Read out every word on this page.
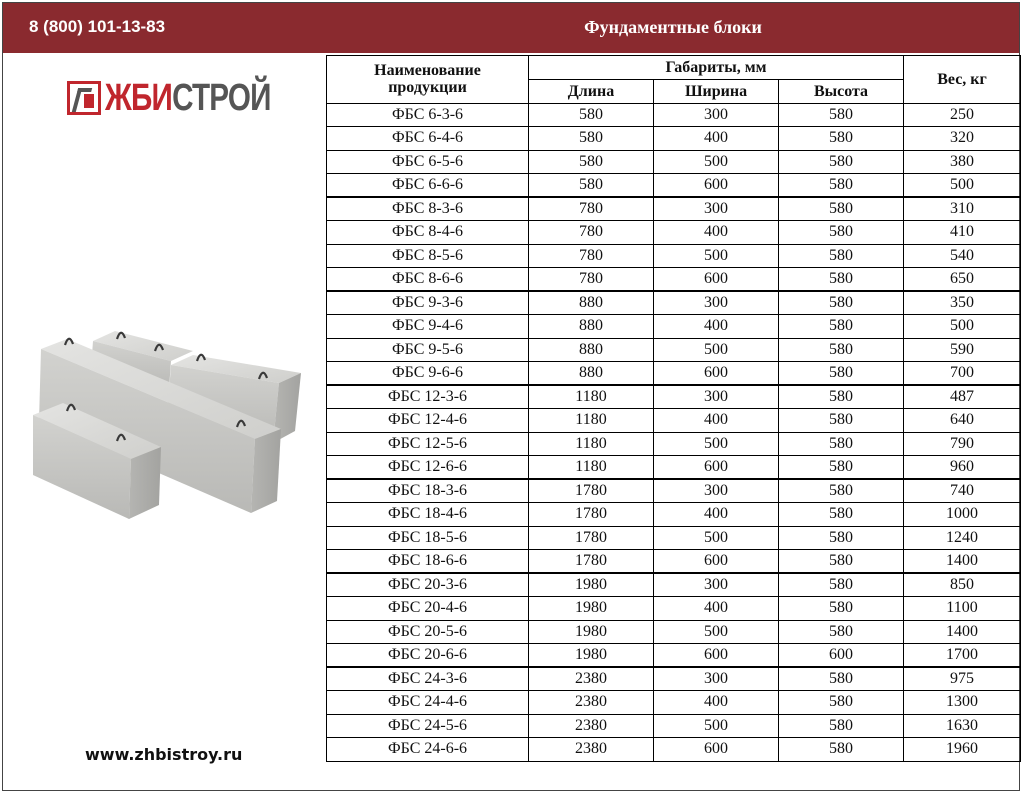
8 (800) 101-13-83	Фундаментные блоки
ЖБИСТРОЙ
www.zhbistroy.ru
Наименование
продукции	Габариты, мм			Вес, кг
	Длина	Ширина	Высота	
ФБС 6-3-6	580	300	580	250
ФБС 6-4-6	580	400	580	320
ФБС 6-5-6	580	500	580	380
ФБС 6-6-6	580	600	580	500
ФБС 8-3-6	780	300	580	310
ФБС 8-4-6	780	400	580	410
ФБС 8-5-6	780	500	580	540
ФБС 8-6-6	780	600	580	650
ФБС 9-3-6	880	300	580	350
ФБС 9-4-6	880	400	580	500
ФБС 9-5-6	880	500	580	590
ФБС 9-6-6	880	600	580	700
ФБС 12-3-6	1180	300	580	487
ФБС 12-4-6	1180	400	580	640
ФБС 12-5-6	1180	500	580	790
ФБС 12-6-6	1180	600	580	960
ФБС 18-3-6	1780	300	580	740
ФБС 18-4-6	1780	400	580	1000
ФБС 18-5-6	1780	500	580	1240
ФБС 18-6-6	1780	600	580	1400
ФБС 20-3-6	1980	300	580	850
ФБС 20-4-6	1980	400	580	1100
ФБС 20-5-6	1980	500	580	1400
ФБС 20-6-6	1980	600	600	1700
ФБС 24-3-6	2380	300	580	975
ФБС 24-4-6	2380	400	580	1300
ФБС 24-5-6	2380	500	580	1630
ФБС 24-6-6	2380	600	580	1960
